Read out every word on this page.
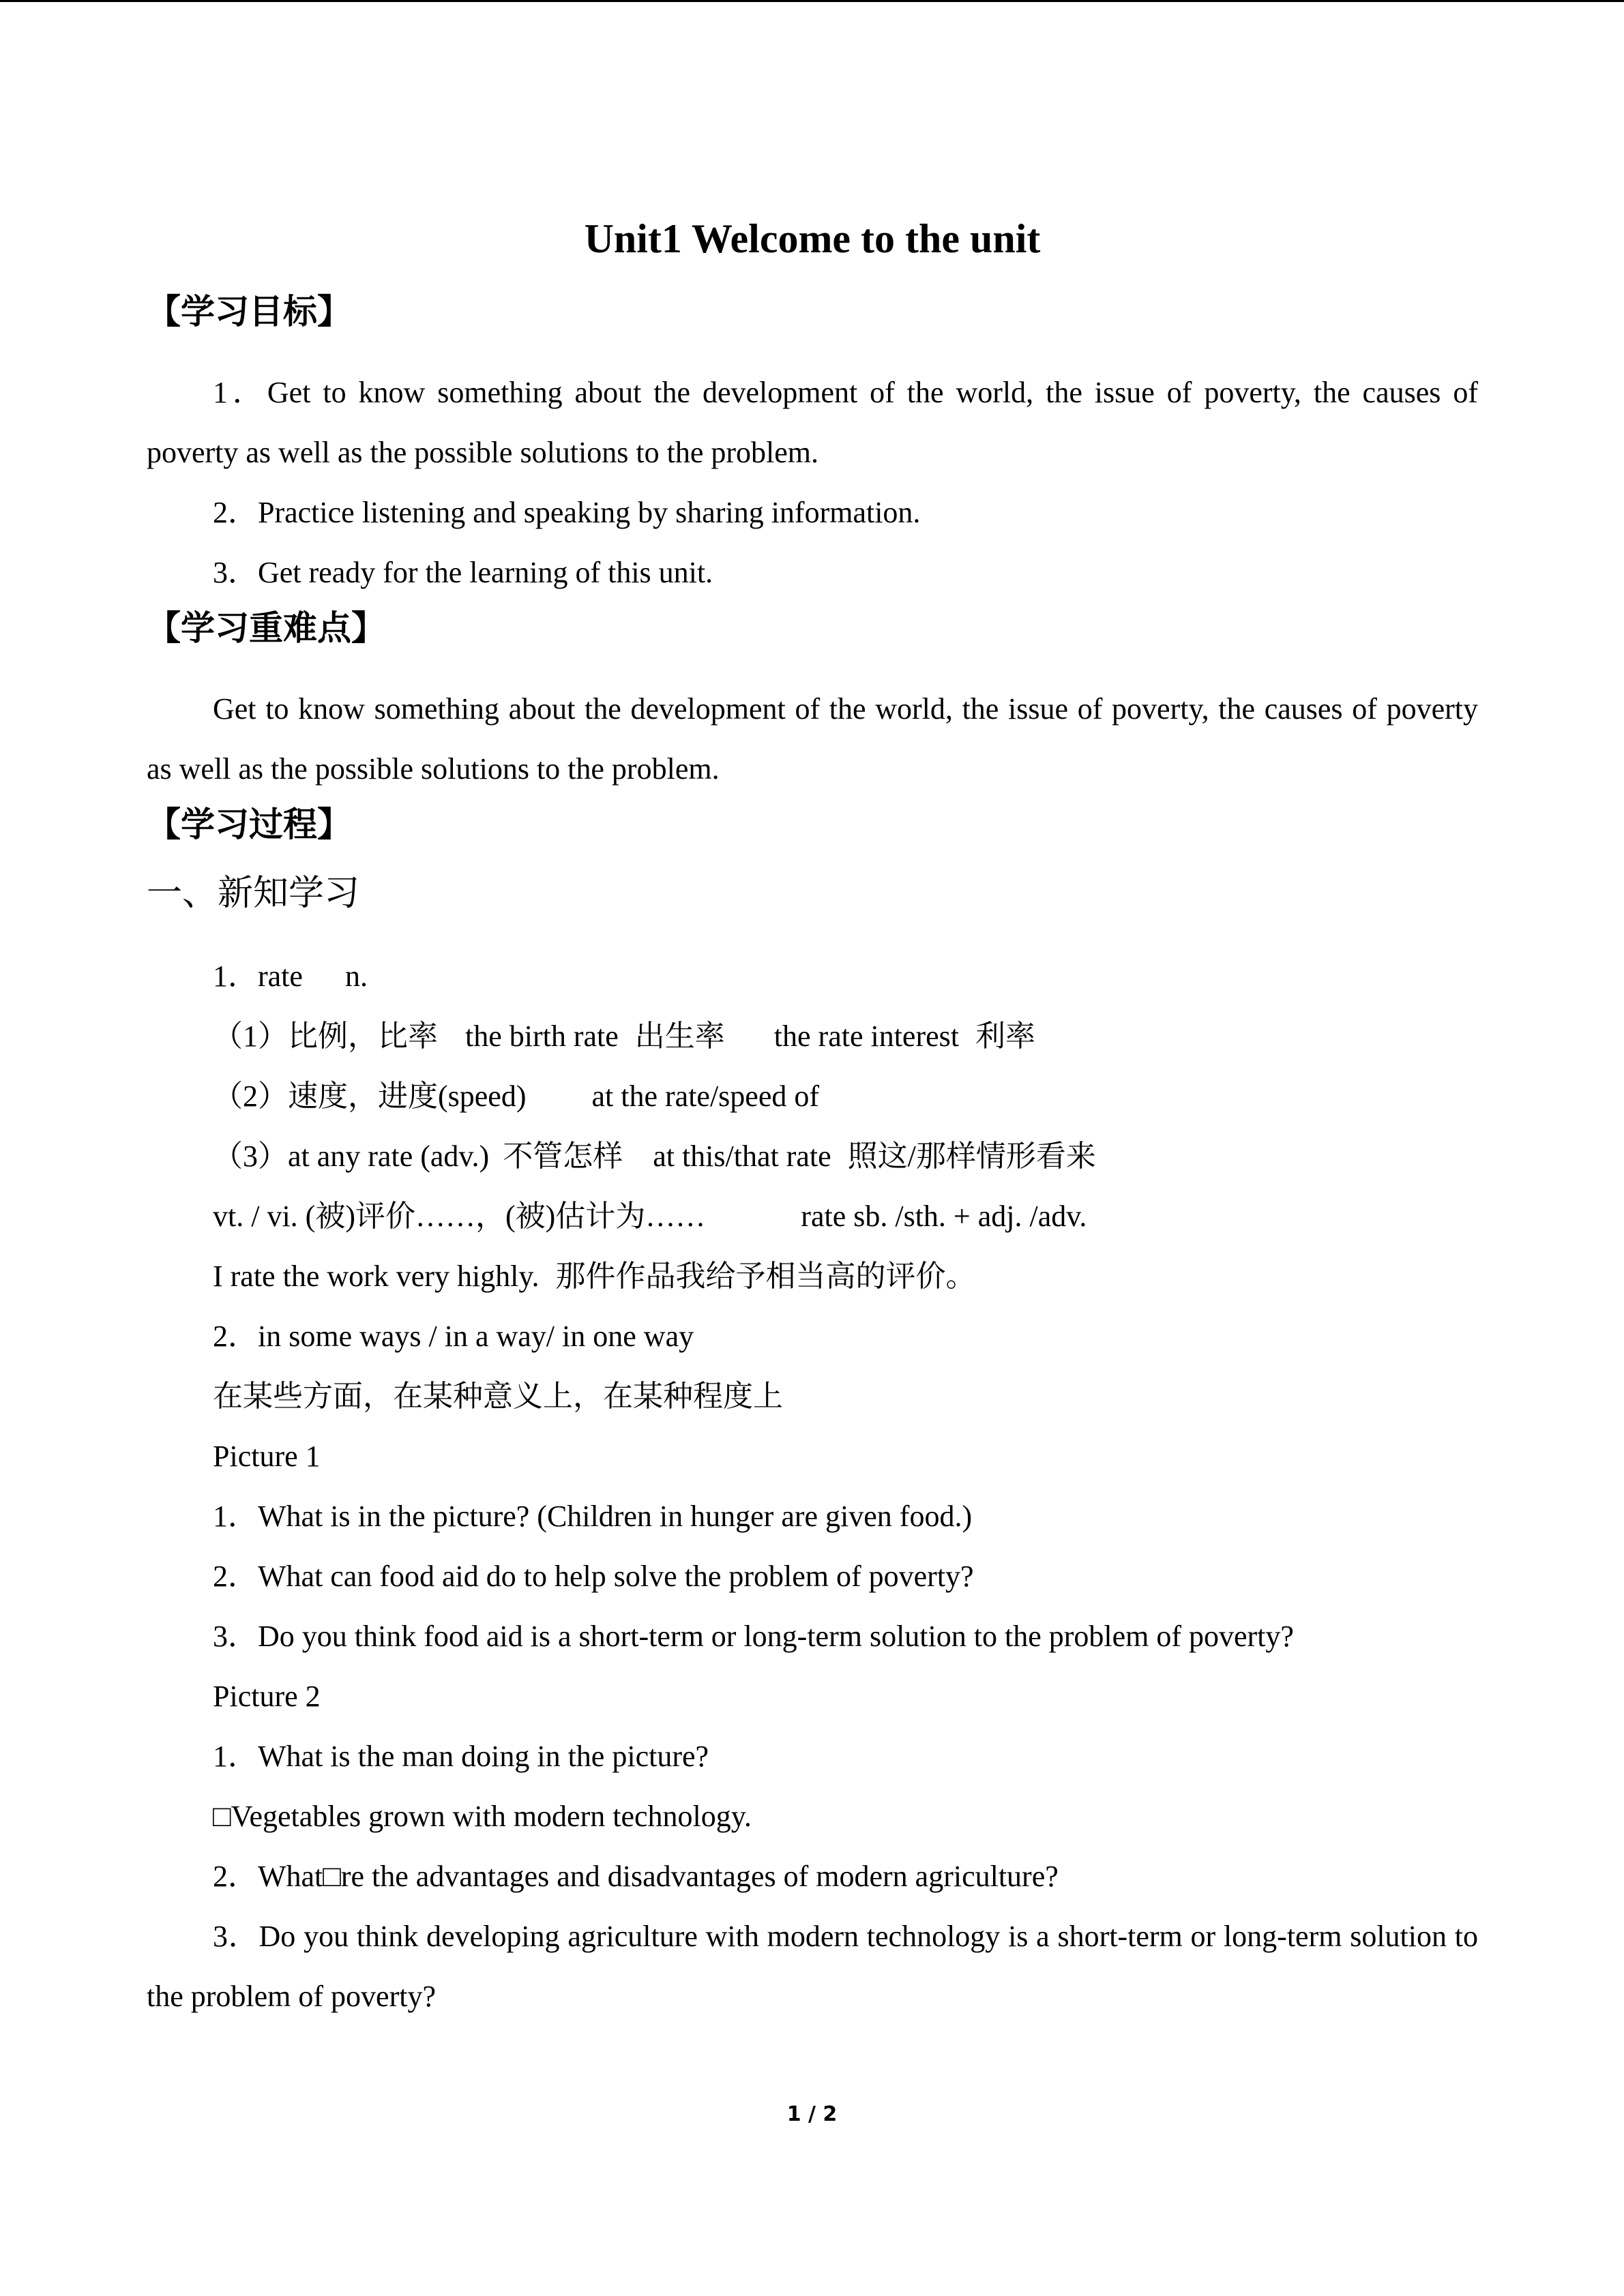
Unit1 Welcome to the unit
【学习目标】

1．Get to know something about the development of the world, the issue of poverty, the causes of poverty as well as the possible solutions to the problem.

2．Practice listening and speaking by sharing information.

3．Get ready for the learning of this unit.

【学习重难点】

Get to know something about the development of the world, the issue of poverty, the causes of poverty as well as the possible solutions to the problem.

【学习过程】
一、新知学习

1．rate n.

（1）比例，比率 the birth rate 出生率 the rate interest 利率

（2）速度，进度(speed) at the rate/speed of

（3）at any rate (adv.) 不管怎样 at this/that rate 照这/那样情形看来

vt. / vi. (被)评价……，(被)估计为……	rate sb. /sth. + adj. /adv.

I rate the work very highly. 那件作品我给予相当高的评价。

2．in some ways / in a way/ in one way

在某些方面，在某种意义上，在某种程度上

Picture 1

1．What is in the picture? (Children in hunger are given food.)

2．What can food aid do to help solve the problem of poverty?

3．Do you think food aid is a short-term or long-term solution to the problem of poverty?

Picture 2

1．What is the man doing in the picture?

□Vegetables grown with modern technology.

2．What□re the advantages and disadvantages of modern agriculture?

3．Do you think developing agriculture with modern technology is a short-term or long-term solution to the problem of poverty?

1 / 2
